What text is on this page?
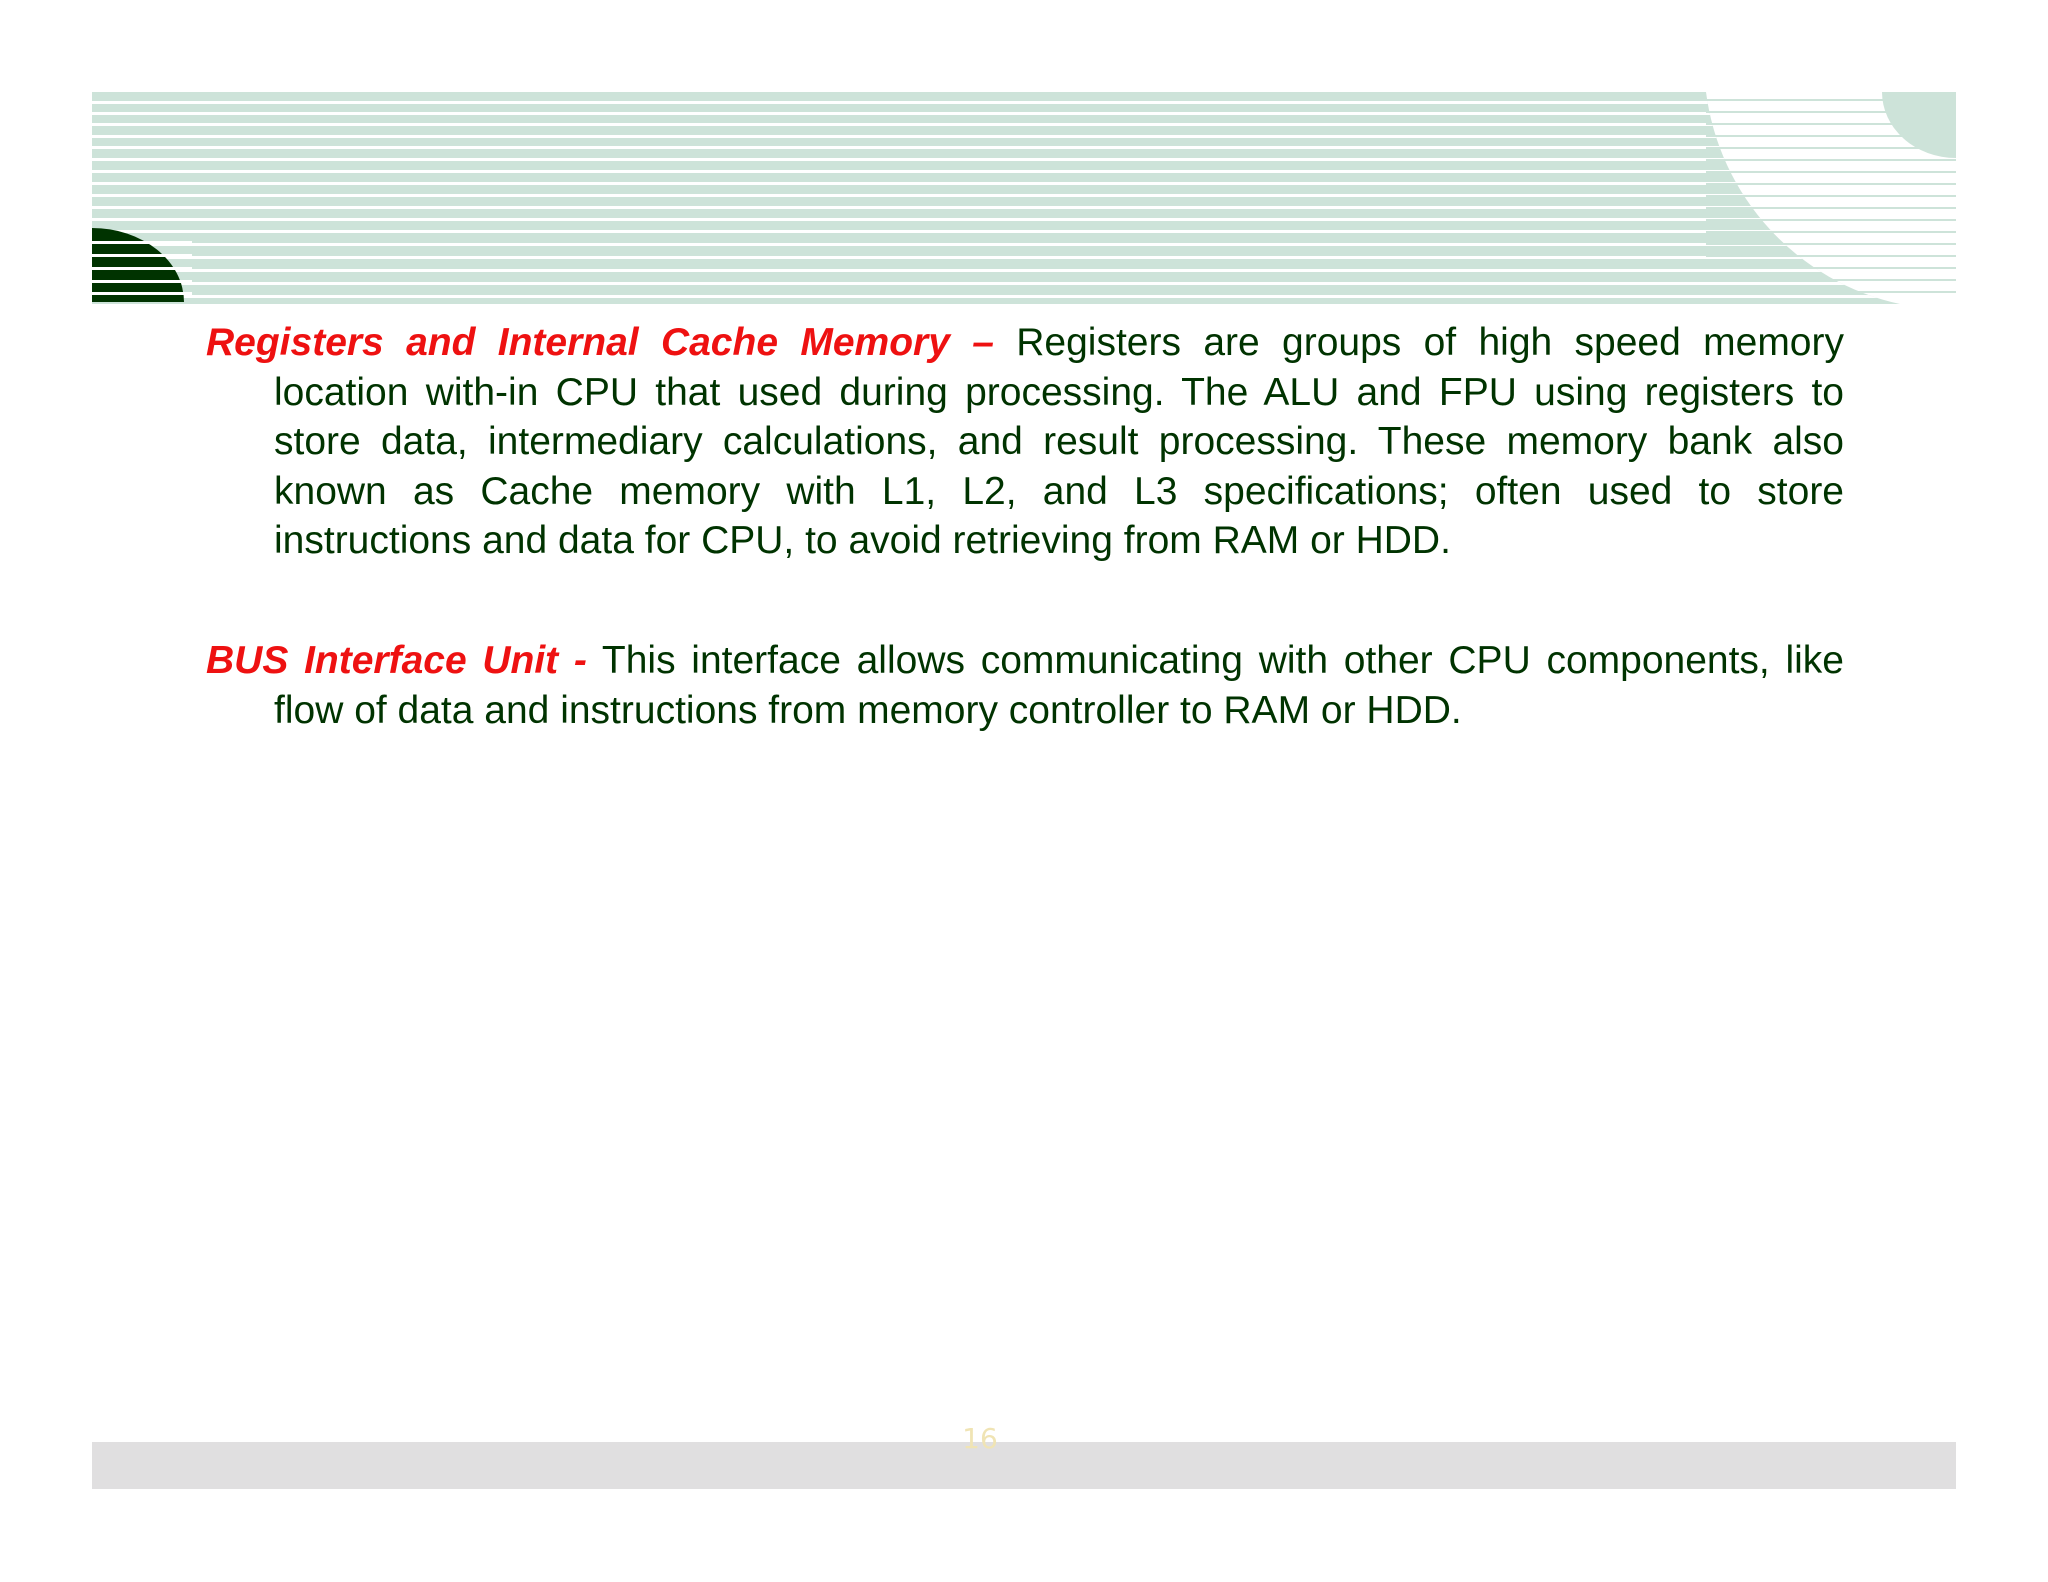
Registers and Internal Cache Memory – Registers are groups of high speed memory location with-in CPU that used during processing. The ALU and FPU using registers to store data, intermediary calculations, and result processing. These memory bank also known as Cache memory with L1, L2, and L3 specifications; often used to store instructions and data for CPU, to avoid retrieving from RAM or HDD.

BUS Interface Unit - This interface allows communicating with other CPU components, like flow of data and instructions from memory controller to RAM or HDD.

16
